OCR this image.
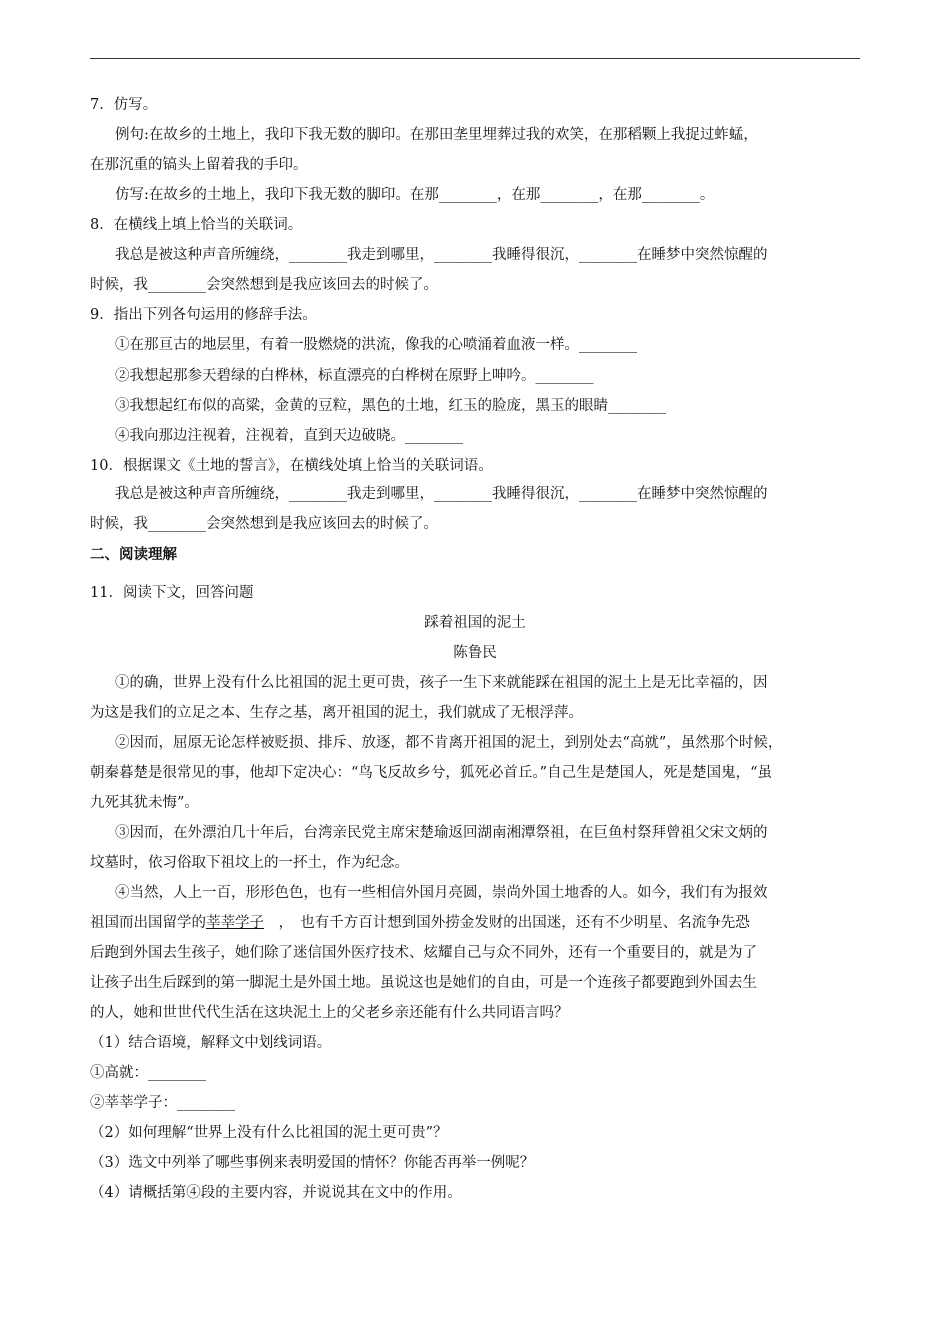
7．仿写。
例句:在故乡的土地上，我印下我无数的脚印。在那田垄里埋葬过我的欢笑，在那稻颗上我捉过蚱蜢，
在那沉重的镐头上留着我的手印。
仿写:在故乡的土地上，我印下我无数的脚印。在那________，在那________，在那________。
8．在横线上填上恰当的关联词。
我总是被这种声音所缠绕，________我走到哪里，________我睡得很沉，________在睡梦中突然惊醒的
时候，我________会突然想到是我应该回去的时候了。
9．指出下列各句运用的修辞手法。
①在那亘古的地层里，有着一股燃烧的洪流，像我的心喷涌着血液一样。________
②我想起那参天碧绿的白桦林，标直漂亮的白桦树在原野上呻吟。________
③我想起红布似的高粱，金黄的豆粒，黑色的土地，红玉的脸庞，黑玉的眼睛________
④我向那边注视着，注视着，直到天边破晓。________
10．根据课文《土地的誓言》，在横线处填上恰当的关联词语。
我总是被这种声音所缠绕，________我走到哪里，________我睡得很沉，________在睡梦中突然惊醒的
时候，我________会突然想到是我应该回去的时候了。
二、阅读理解
11．阅读下文，回答问题
踩着祖国的泥土
陈鲁民
①的确，世界上没有什么比祖国的泥土更可贵，孩子一生下来就能踩在祖国的泥土上是无比幸福的，因
为这是我们的立足之本、生存之基，离开祖国的泥土，我们就成了无根浮萍。
②因而，屈原无论怎样被贬损、排斥、放逐，都不肯离开祖国的泥土，到别处去“高就”，虽然那个时候，
朝秦暮楚是很常见的事，他却下定决心：“鸟飞反故乡兮，狐死必首丘。”自己生是楚国人，死是楚国鬼，“虽
九死其犹未悔”。
③因而，在外漂泊几十年后，台湾亲民党主席宋楚瑜返回湖南湘潭祭祖，在巨鱼村祭拜曾祖父宋文炳的
坟墓时，依习俗取下祖坟上的一抔土，作为纪念。
④当然，人上一百，形形色色，也有一些相信外国月亮圆，崇尚外国土地香的人。如今，我们有为报效
后跑到外国去生孩子，她们除了迷信国外医疗技术、炫耀自己与众不同外，还有一个重要目的，就是为了
让孩子出生后踩到的第一脚泥土是外国土地。虽说这也是她们的自由，可是一个连孩子都要跑到外国去生
的人，她和世世代代生活在这块泥土上的父老乡亲还能有什么共同语言吗？
（1）结合语境，解释文中划线词语。
①高就：________
②莘莘学子：________
（2）如何理解“世界上没有什么比祖国的泥土更可贵”？
（3）选文中列举了哪些事例来表明爱国的情怀？你能否再举一例呢？
（4）请概括第④段的主要内容，并说说其在文中的作用。
祖国而出国留学的莘莘学子　，　也有千方百计想到国外捞金发财的出国迷，还有不少明星、名流争先恐
